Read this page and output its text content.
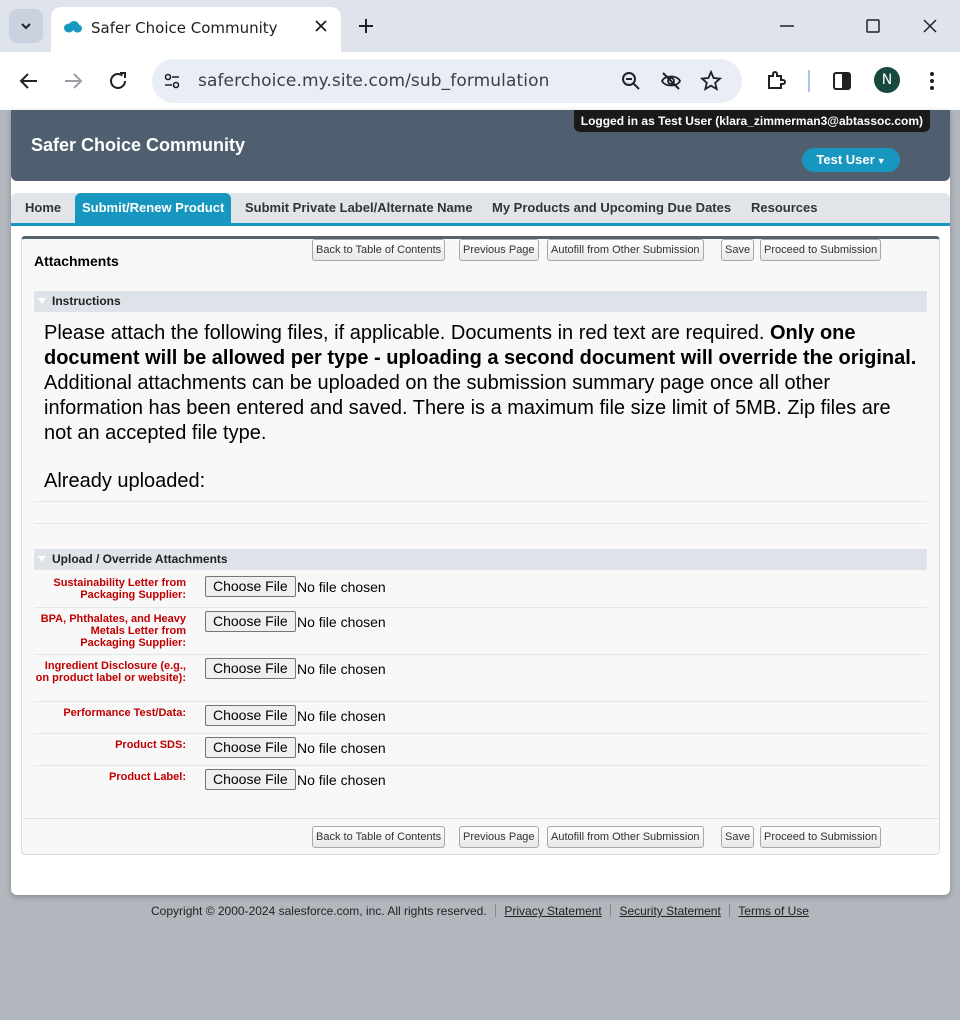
Safer Choice Community
saferchoice.my.site.com/sub_formulation	N
Safer Choice Community
Logged in as Test User (klara_zimmerman3@abtassoc.com)
Test User ▼
Home	Submit/Renew Product	Submit Private Label/Alternate Name	My Products and Upcoming Due Dates	Resources
Attachments
Back to Table of Contents	Previous Page	Autofill from Other Submission	Save	Proceed to Submission
Instructions
Please attach the following files, if applicable. Documents in red text are required. Only one document will be allowed per type - uploading a second document will override the original. Additional attachments can be uploaded on the submission summary page once all other information has been entered and saved. There is a maximum file size limit of 5MB. Zip files are not an accepted file type.
Already uploaded:
Upload / Override Attachments
Sustainability Letter from Packaging Supplier:
Choose File No file chosen
BPA, Phthalates, and Heavy Metals Letter from Packaging Supplier:
Choose File No file chosen
Ingredient Disclosure (e.g., on product label or website):
Choose File No file chosen
Performance Test/Data:	Choose File No file chosen
Product SDS:	Choose File No file chosen
Product Label:	Choose File No file chosen
Back to Table of Contents	Previous Page	Autofill from Other Submission	Save	Proceed to Submission
Copyright © 2000-2024 salesforce.com, inc. All rights reserved. Privacy Statement Security Statement Terms of Use
